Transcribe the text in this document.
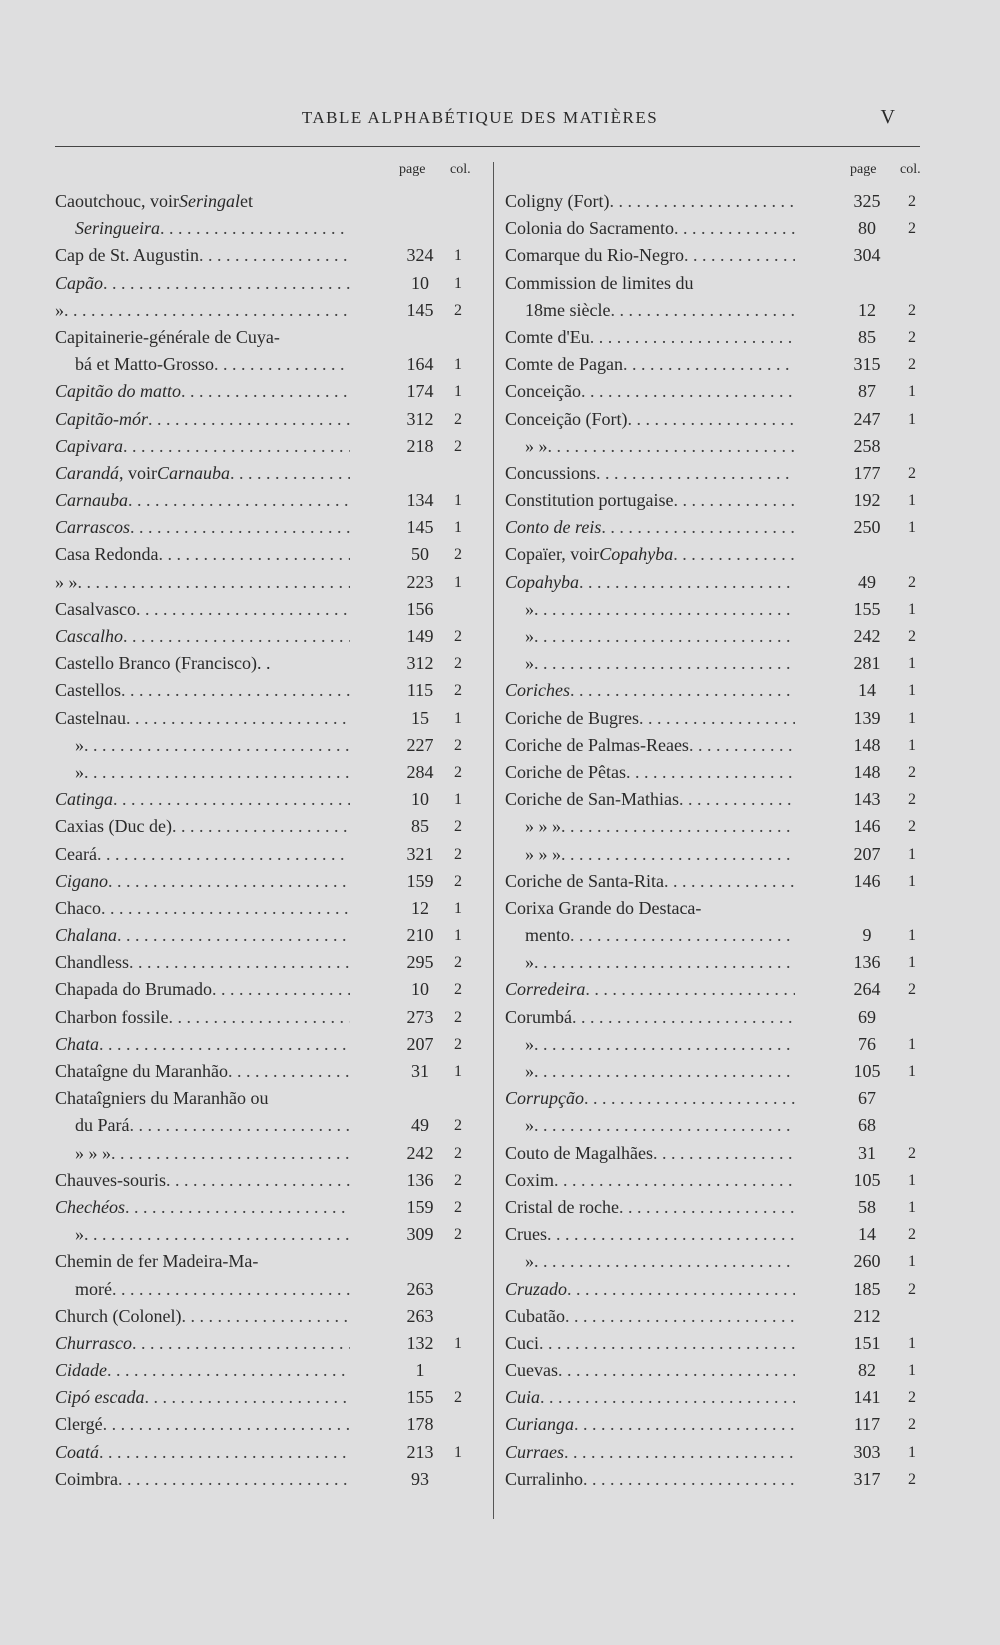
TABLE ALPHABÉTIQUE DES MATIÈRES	V
page col.
Caoutchouc, voir Seringal et
Seringueira
. . .
Cap de St. Augustin . . .	324	1
Capão . . .	10	1
» . . .	145	2
Capitainerie-générale de Cuya-
bá et Matto-Grosso . . .	164	1
Capitão do matto . . .	174	1
Capitão-mór . . .	312	2
Capivara . . .	218	2
Carandá , voir Carnauba
. . .
Carnauba . . .	134	1
Carrascos . . .	145	1
Casa Redonda . . .	50	2
» » . . .	223	1
Casalvasco . . .	156
Cascalho . . .	149	2
Castello Branco (Francisco). .	312	2
Castellos . . .	115	2
Castelnau . . .	15	1
» . . .	227	2
» . . .	284	2
Catinga . . .	10	1
Caxias (Duc de) . . .	85	2
Ceará . . .	321	2
Cigano . . .	159	2
Chaco . . .	12	1
Chalana . . .	210	1
Chandless . . .	295	2
Chapada do Brumado . . .	10	2
Charbon fossile . . .	273	2
Chata . . .	207	2
Chataîgne du Maranhão . . .	31	1
Chataîgniers du Maranhão ou
du Pará . . .	49	2
» » » . . .	242	2
Chauves-souris . . .	136	2
Chechéos . . .	159	2
» . . .	309	2
Chemin de fer Madeira-Ma-
moré . . .	263
Church (Colonel) . . .	263
Churrasco . . .	132	1
Cidade . . .	1
Cipó escada . . .	155	2
Clergé . . .	178
Coatá . . .	213	1
Coimbra . . .	93
page col.
Coligny (Fort) . . .	325	2
Colonia do Sacramento . . .	80	2
Comarque du Rio-Negro . . .	304
Commission de limites du
18me siècle . . .	12	2
Comte d'Eu . . .	85	2
Comte de Pagan . . .	315	2
Conceição . . .	87	1
Conceição (Fort) . . .	247	1
» » . . .	258
Concussions . . .	177	2
Constitution portugaise . . .	192	1
Conto de reis . . .	250	1
Copaïer, voir Copahyba
. . .
Copahyba . . .	49	2
» . . .	155	1
» . . .	242	2
» . . .	281	1
Coriches . . .	14	1
Coriche de Bugres . . .	139	1
Coriche de Palmas-Reaes . . .	148	1
Coriche de Pêtas . . .	148	2
Coriche de San-Mathias . . .	143	2
» » » . . .	146	2
» » » . . .	207	1
Coriche de Santa-Rita . . .	146	1
Corixa Grande do Destaca-
mento . . .	9	1
» . . .	136	1
Corredeira . . .	264	2
Corumbá . . .	69
» . . .	76	1
» . . .	105	1
Corrupção . . .	67
» . . .	68
Couto de Magalhães . . .	31	2
Coxim . . .	105	1
Cristal de roche . . .	58	1
Crues . . .	14	2
» . . .	260	1
Cruzado . . .	185	2
Cubatão . . .	212
Cuci . . .	151	1
Cuevas . . .	82	1
Cuia . . .	141	2
Curianga . . .	117	2
Curraes . . .	303	1
Curralinho . . .	317	2
